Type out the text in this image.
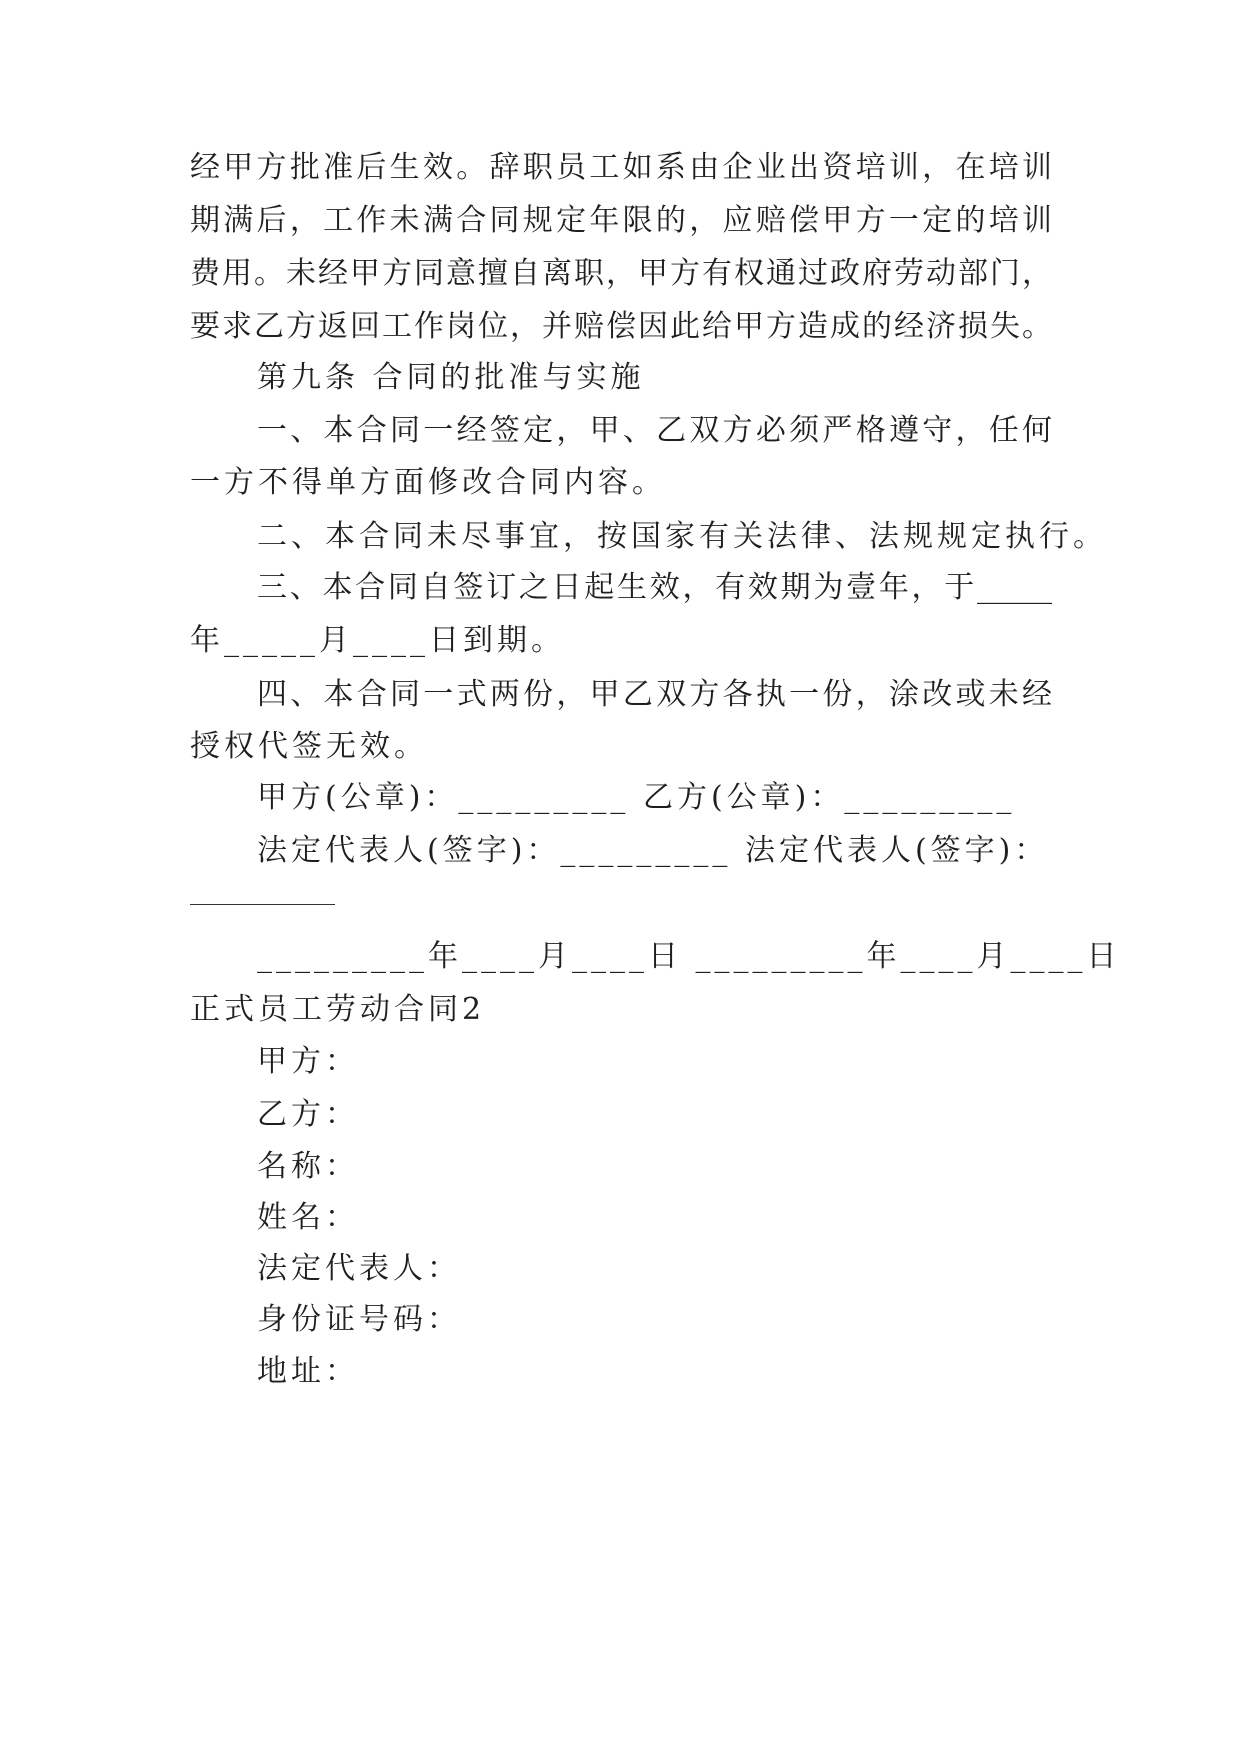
经甲方批准后生效。辞职员工如系由企业出资培训，在培训
期满后，工作未满合同规定年限的，应赔偿甲方一定的培训
费用。未经甲方同意擅自离职，甲方有权通过政府劳动部门，
要求乙方返回工作岗位，并赔偿因此给甲方造成的经济损失。
第九条 合同的批准与实施
一、本合同一经签定，甲、乙双方必须严格遵守，任何
一方不得单方面修改合同内容。
二、本合同未尽事宜，按国家有关法律、法规规定执行。
三、本合同自签订之日起生效，有效期为壹年，于_____
年_____月____日到期。
四、本合同一式两份，甲乙双方各执一份，涂改或未经
授权代签无效。
甲方(公章)：_________ 乙方(公章)：_________
法定代表人(签字)：_________ 法定代表人(签字)：
_________年____月____日 _________年____月____日
正式员工劳动合同2
甲方：
乙方：
名称：
姓名：
法定代表人：
身份证号码：
地址：
